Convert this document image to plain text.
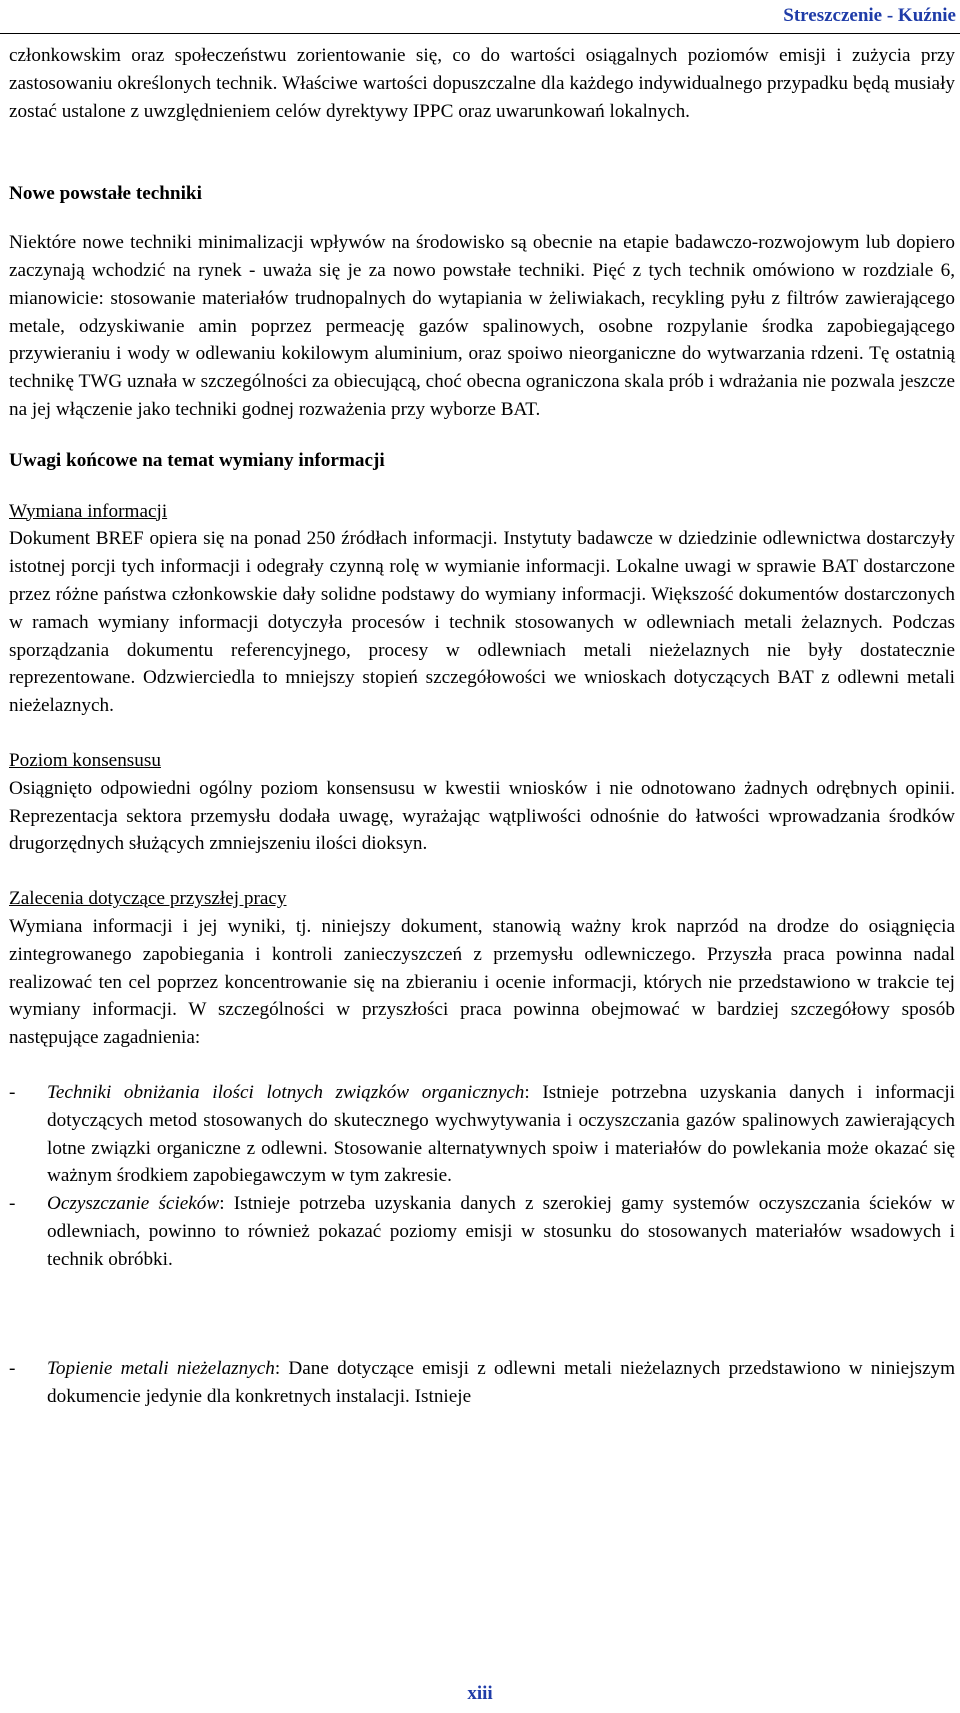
Streszczenie - Kuźnie

członkowskim oraz społeczeństwu zorientowanie się, co do wartości osiągalnych poziomów emisji i zużycia przy zastosowaniu określonych technik. Właściwe wartości dopuszczalne dla każdego indywidualnego przypadku będą musiały zostać ustalone z uwzględnieniem celów dyrektywy IPPC oraz uwarunkowań lokalnych.

Nowe powstałe techniki

Niektóre nowe techniki minimalizacji wpływów na środowisko są obecnie na etapie badawczo-rozwojowym lub dopiero zaczynają wchodzić na rynek - uważa się je za nowo powstałe techniki. Pięć z tych technik omówiono w rozdziale 6, mianowicie: stosowanie materiałów trudnopalnych do wytapiania w żeliwiakach, recykling pyłu z filtrów zawierającego metale, odzyskiwanie amin poprzez permeację gazów spalinowych, osobne rozpylanie środka zapobiegającego przywieraniu i wody w odlewaniu kokilowym aluminium, oraz spoiwo nieorganiczne do wytwarzania rdzeni. Tę ostatnią technikę TWG uznała w szczególności za obiecującą, choć obecna ograniczona skala prób i wdrażania nie pozwala jeszcze na jej włączenie jako techniki godnej rozważenia przy wyborze BAT.

Uwagi końcowe na temat wymiany informacji
Wymiana informacji

Dokument BREF opiera się na ponad 250 źródłach informacji. Instytuty badawcze w dziedzinie odlewnictwa dostarczyły istotnej porcji tych informacji i odegrały czynną rolę w wymianie informacji. Lokalne uwagi w sprawie BAT dostarczone przez różne państwa członkowskie dały solidne podstawy do wymiany informacji. Większość dokumentów dostarczonych w ramach wymiany informacji dotyczyła procesów i technik stosowanych w odlewniach metali żelaznych. Podczas sporządzania dokumentu referencyjnego, procesy w odlewniach metali nieżelaznych nie były dostatecznie reprezentowane. Odzwierciedla to mniejszy stopień szczegółowości we wnioskach dotyczących BAT z odlewni metali nieżelaznych.

Poziom konsensusu

Osiągnięto odpowiedni ogólny poziom konsensusu w kwestii wniosków i nie odnotowano żadnych odrębnych opinii. Reprezentacja sektora przemysłu dodała uwagę, wyrażając wątpliwości odnośnie do łatwości wprowadzania środków drugorzędnych służących zmniejszeniu ilości dioksyn.

Zalecenia dotyczące przyszłej pracy

Wymiana informacji i jej wyniki, tj. niniejszy dokument, stanowią ważny krok naprzód na drodze do osiągnięcia zintegrowanego zapobiegania i kontroli zanieczyszczeń z przemysłu odlewniczego. Przyszła praca powinna nadal realizować ten cel poprzez koncentrowanie się na zbieraniu i ocenie informacji, których nie przedstawiono w trakcie tej wymiany informacji. W szczególności w przyszłości praca powinna obejmować w bardziej szczegółowy sposób następujące zagadnienia:

- Techniki obniżania ilości lotnych związków organicznych: Istnieje potrzebna uzyskania danych i informacji dotyczących metod stosowanych do skutecznego wychwytywania i oczyszczania gazów spalinowych zawierających lotne związki organiczne z odlewni. Stosowanie alternatywnych spoiw i materiałów do powlekania może okazać się ważnym środkiem zapobiegawczym w tym zakresie.
- Oczyszczanie ścieków: Istnieje potrzeba uzyskania danych z szerokiej gamy systemów oczyszczania ścieków w odlewniach, powinno to również pokazać poziomy emisji w stosunku do stosowanych materiałów wsadowych i technik obróbki.
- Topienie metali nieżelaznych: Dane dotyczące emisji z odlewni metali nieżelaznych przedstawiono w niniejszym dokumencie jedynie dla konkretnych instalacji. Istnieje
xiii
